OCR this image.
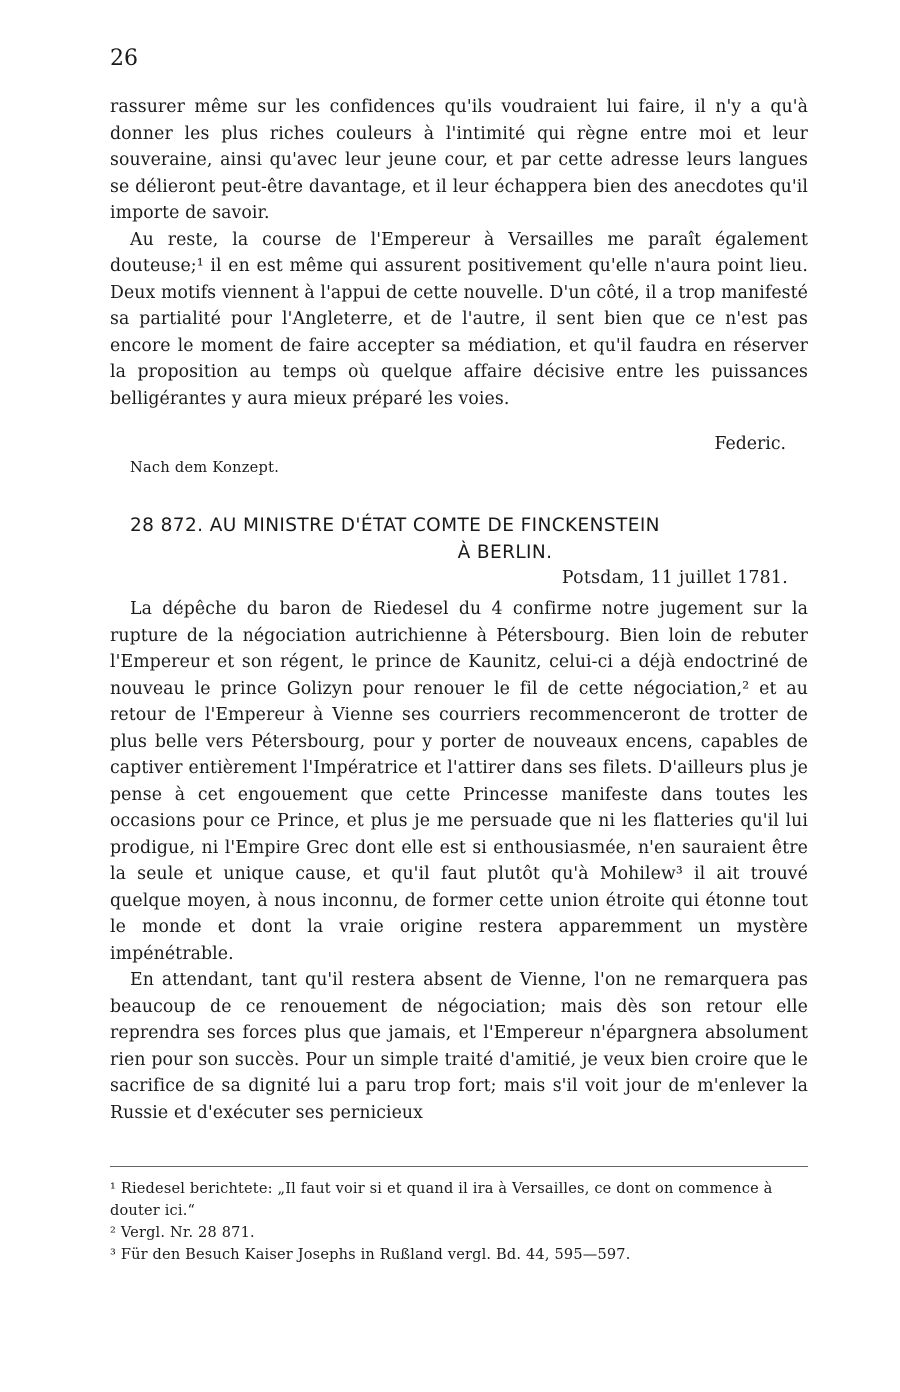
26

rassurer même sur les confidences qu'ils voudraient lui faire, il n'y a qu'à donner les plus riches couleurs à l'intimité qui règne entre moi et leur souveraine, ainsi qu'avec leur jeune cour, et par cette adresse leurs langues se délieront peut-être davantage, et il leur échappera bien des anecdotes qu'il importe de savoir.

Au reste, la course de l'Empereur à Versailles me paraît également douteuse;¹ il en est même qui assurent positivement qu'elle n'aura point lieu. Deux motifs viennent à l'appui de cette nouvelle. D'un côté, il a trop manifesté sa partialité pour l'Angleterre, et de l'autre, il sent bien que ce n'est pas encore le moment de faire accepter sa médiation, et qu'il faudra en réserver la proposition au temps où quelque affaire décisive entre les puissances belligérantes y aura mieux préparé les voies.

Federic.
Nach dem Konzept.
28 872. AU MINISTRE D'ÉTAT COMTE DE FINCKENSTEIN
À BERLIN.
Potsdam, 11 juillet 1781.

La dépêche du baron de Riedesel du 4 confirme notre jugement sur la rupture de la négociation autrichienne à Pétersbourg. Bien loin de rebuter l'Empereur et son régent, le prince de Kaunitz, celui-ci a déjà endoctriné de nouveau le prince Golizyn pour renouer le fil de cette négociation,² et au retour de l'Empereur à Vienne ses courriers recommenceront de trotter de plus belle vers Pétersbourg, pour y porter de nouveaux encens, capables de captiver entièrement l'Impératrice et l'attirer dans ses filets. D'ailleurs plus je pense à cet engouement que cette Princesse manifeste dans toutes les occasions pour ce Prince, et plus je me persuade que ni les flatteries qu'il lui prodigue, ni l'Empire Grec dont elle est si enthousiasmée, n'en sauraient être la seule et unique cause, et qu'il faut plutôt qu'à Mohilew³ il ait trouvé quelque moyen, à nous inconnu, de former cette union étroite qui étonne tout le monde et dont la vraie origine restera apparemment un mystère impénétrable.

En attendant, tant qu'il restera absent de Vienne, l'on ne remarquera pas beaucoup de ce renouement de négociation; mais dès son retour elle reprendra ses forces plus que jamais, et l'Empereur n'épargnera absolument rien pour son succès. Pour un simple traité d'amitié, je veux bien croire que le sacrifice de sa dignité lui a paru trop fort; mais s'il voit jour de m'enlever la Russie et d'exécuter ses pernicieux

¹ Riedesel berichtete: „Il faut voir si et quand il ira à Versailles, ce dont on commence à douter ici.“

² Vergl. Nr. 28 871.

³ Für den Besuch Kaiser Josephs in Rußland vergl. Bd. 44, 595—597.
